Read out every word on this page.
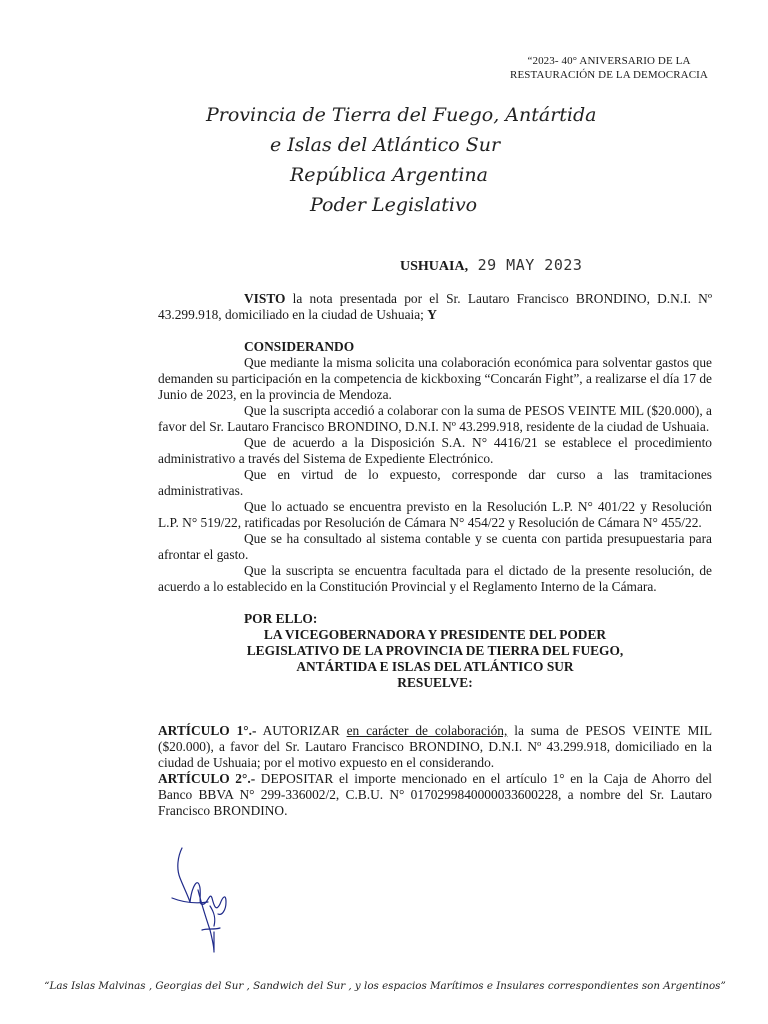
“2023- 40° ANIVERSARIO DE LA
RESTAURACIÓN DE LA DEMOCRACIA
Provincia de Tierra del Fuego, Antártida
e Islas del Atlántico Sur
República Argentina
Poder Legislativo
USHUAIA, 29 MAY 2023

VISTO la nota presentada por el Sr. Lautaro Francisco BRONDINO, D.N.I. Nº 43.299.918, domiciliado en la ciudad de Ushuaia; Y

CONSIDERANDO

Que mediante la misma solicita una colaboración económica para solventar gastos que demanden su participación en la competencia de kickboxing “Concarán Fight”, a realizarse el día 17 de Junio de 2023, en la provincia de Mendoza.

Que la suscripta accedió a colaborar con la suma de PESOS VEINTE MIL ($20.000), a favor del Sr. Lautaro Francisco BRONDINO, D.N.I. Nº 43.299.918, residente de la ciudad de Ushuaia.

Que de acuerdo a la Disposición S.A. N° 4416/21 se establece el procedimiento administrativo a través del Sistema de Expediente Electrónico.

Que en virtud de lo expuesto, corresponde dar curso a las tramitaciones administrativas.

Que lo actuado se encuentra previsto en la Resolución L.P. N° 401/22 y Resolución L.P. N° 519/22, ratificadas por Resolución de Cámara N° 454/22 y Resolución de Cámara N° 455/22.

Que se ha consultado al sistema contable y se cuenta con partida presupuestaria para afrontar el gasto.

Que la suscripta se encuentra facultada para el dictado de la presente resolución, de acuerdo a lo establecido en la Constitución Provincial y el Reglamento Interno de la Cámara.

POR ELLO:
LA VICEGOBERNADORA Y PRESIDENTE DEL PODER
LEGISLATIVO DE LA PROVINCIA DE TIERRA DEL FUEGO,
ANTÁRTIDA E ISLAS DEL ATLÁNTICO SUR
RESUELVE:

ARTÍCULO 1°.- AUTORIZAR en carácter de colaboración, la suma de PESOS VEINTE MIL ($20.000), a favor del Sr. Lautaro Francisco BRONDINO, D.N.I. Nº 43.299.918, domiciliado en la ciudad de Ushuaia; por el motivo expuesto en el considerando.

ARTÍCULO 2°.- DEPOSITAR el importe mencionado en el artículo 1° en la Caja de Ahorro del Banco BBVA N° 299-336002/2, C.B.U. N° 0170299840000033600228, a nombre del Sr. Lautaro Francisco BRONDINO.

“Las Islas Malvinas , Georgias del Sur , Sandwich del Sur , y los espacios Marítimos e Insulares correspondientes son Argentinos”
